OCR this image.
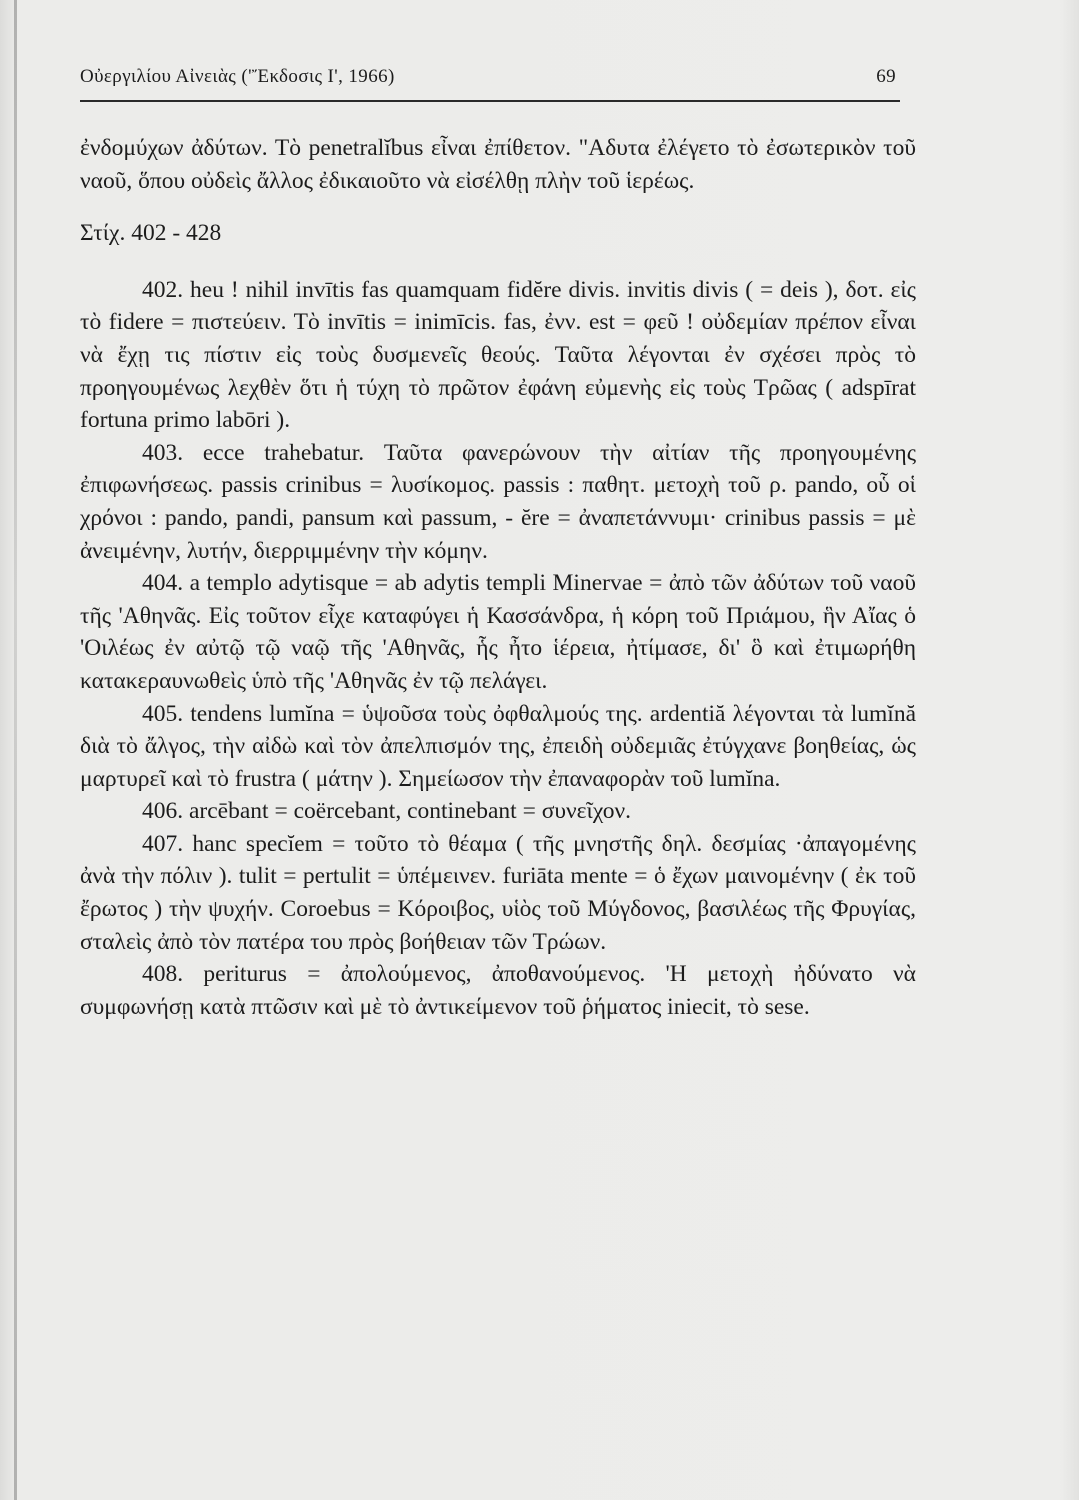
Οὐεργιλίου Αἰνειὰς ('Ἔκδοσις Ι', 1966)	69

ἐνδομύχων ἀδύτων. Τὸ penetralĭbus εἶναι ἐπίθετον. "Αδυτα ἐλέγετο τὸ ἐσωτερικὸν τοῦ ναοῦ, ὅπου οὐδεὶς ἄλλος ἐδικαιοῦτο νὰ εἰσέλθῃ πλὴν τοῦ ἱερέως.

Στίχ. 402 - 428

402. heu ! nihil invītis fas quamquam fidĕre divis. invitis divis ( = deis ), δοτ. εἰς τὸ fidere = πιστεύειν. Τὸ invītis = inimīcis. fas, ἐνν. est = φεῦ ! οὐδεμίαν πρέπον εἶναι νὰ ἔχῃ τις πίστιν εἰς τοὺς δυσμενεῖς θεούς. Ταῦτα λέγονται ἐν σχέσει πρὸς τὸ προηγουμένως λεχθὲν ὅτι ἡ τύχη τὸ πρῶτον ἐφάνη εὐμενὴς εἰς τοὺς Τρῶας ( adspīrat fortuna primo labōri ).

403. ecce trahebatur. Ταῦτα φανερώνουν τὴν αἰτίαν τῆς προηγουμένης ἐπιφωνήσεως. passis crinibus = λυσίκομος. passis : παθητ. μετοχὴ τοῦ ρ. pando, οὗ οἱ χρόνοι : pando, pandi, pansum καὶ passum, - ĕre = ἀναπετάννυμι· crinibus passis = μὲ ἀνειμένην, λυτήν, διερριμμένην τὴν κόμην.

404. a templo adytisque = ab adytis templi Minervae = ἀπὸ τῶν ἀδύτων τοῦ ναοῦ τῆς 'Αθηνᾶς. Εἰς τοῦτον εἶχε καταφύγει ἡ Κασσάνδρα, ἡ κόρη τοῦ Πριάμου, ἣν Αἴας ὁ 'Οιλέως ἐν αὐτῷ τῷ ναῷ τῆς 'Αθηνᾶς, ἧς ἦτο ἱέρεια, ἠτίμασε, δι' ὃ καὶ ἐτιμωρήθη κατακεραυνωθεὶς ὑπὸ τῆς 'Αθηνᾶς ἐν τῷ πελάγει.

405. tendens lumĭna = ὑψοῦσα τοὺς ὀφθαλμούς της. ardentiă λέγονται τὰ lumĭnă διὰ τὸ ἄλγος, τὴν αἰδὼ καὶ τὸν ἀπελπισμόν της, ἐπειδὴ οὐδεμιᾶς ἐτύγχανε βοηθείας, ὡς μαρτυρεῖ καὶ τὸ frustra ( μάτην ). Σημείωσον τὴν ἐπαναφορὰν τοῦ lumĭna.

406. arcēbant = coërcebant, continebant = συνεῖχον.

407. hanc specĭem = τοῦτο τὸ θέαμα ( τῆς μνηστῆς δηλ. δεσμίας ·ἀπαγομένης ἀνὰ τὴν πόλιν ). tulit = pertulit = ὑπέμεινεν. furiāta mente = ὁ ἔχων μαινομένην ( ἐκ τοῦ ἔρωτος ) τὴν ψυχήν. Coroebus = Κόροιβος, υἱὸς τοῦ Μύγδονος, βασιλέως τῆς Φρυγίας, σταλεὶς ἀπὸ τὸν πατέρα του πρὸς βοήθειαν τῶν Τρώων.

408. periturus = ἀπολούμενος, ἀποθανούμενος. 'Η μετοχὴ ἠδύνατο νὰ συμφωνήσῃ κατὰ πτῶσιν καὶ μὲ τὸ ἀντικείμενον τοῦ ῥήματος iniecit, τὸ sese.
